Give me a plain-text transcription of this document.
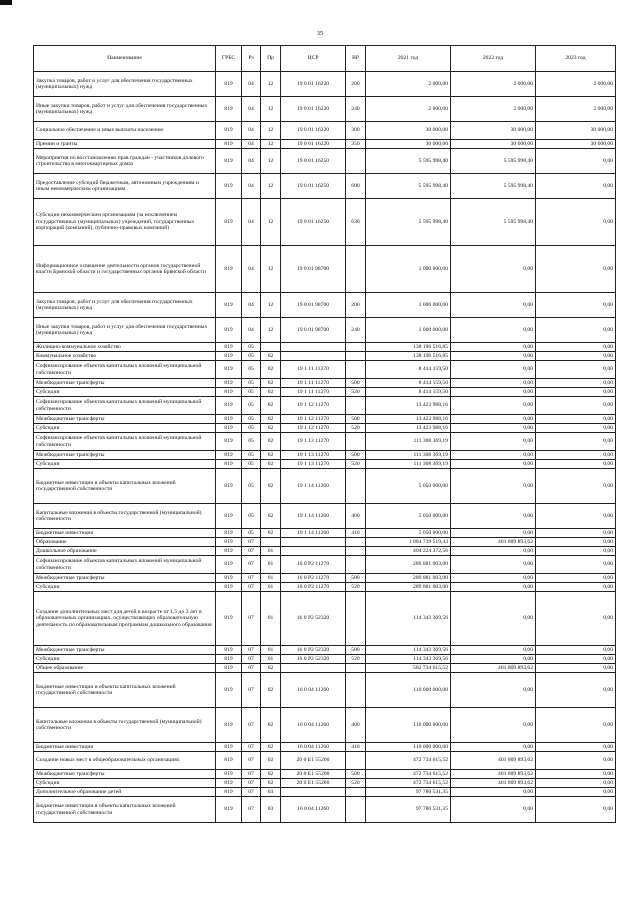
35
Наименование	ГРБС	Рз	Пр	ЦСР	ВР	2021 год	2022 год	2023 год
Закупка товаров, работ и услуг для обеспечения государственных (муниципальных) нужд	819	04	12	19 0 01 16220	200	2 000,00	2 000,00	2 000,00
Иные закупки товаров, работ и услуг для обеспечения государственных (муниципальных) нужд	819	04	12	19 0 01 16220	240	2 000,00	2 000,00	2 000,00
Социальное обеспечение и иные выплаты населению	819	04	12	19 0 01 16220	300	30 000,00	30 000,00	30 000,00
Премии и гранты	819	04	12	19 0 01 16220	350	30 000,00	30 000,00	30 000,00
Мероприятия по восстановлению прав граждан - участников долевого строительства в многоквартирных домах	819	04	12	19 0 01 16250		5 595 998,40	5 595 998,40	0,00
Предоставление субсидий бюджетным, автономным учреждениям и иным некоммерческим организациям	819	04	12	19 0 01 16250	600	5 595 998,40	5 595 998,40	0,00
Субсидии некоммерческим организациям (за исключением государственных (муниципальных) учреждений, государственных корпораций (компаний), публично-правовых компаний)	819	04	12	19 0 01 16250	630	5 595 998,40	5 595 998,40	0,00
Информационное освещение деятельности органов государственной власти Брянской области и государственных органов Брянской области	819	04	12	19 0 01 98700		1 000 000,00	0,00	0,00
Закупка товаров, работ и услуг для обеспечения государственных (муниципальных) нужд	819	04	12	19 0 01 98700	200	1 000 000,00	0,00	0,00
Иные закупки товаров, работ и услуг для обеспечения государственных (муниципальных) нужд	819	04	12	19 0 01 98700	240	1 000 000,00	0,00	0,00
Жилищно-коммунальное хозяйство	819	05				138 196 516,85	0,00	0,00
Коммунальное хозяйство	819	05	02			138 196 516,85	0,00	0,00
Софинансирование объектов капитальных вложений муниципальной собственности	819	05	02	19 1 11 11270		8 414 159,50	0,00	0,00
Межбюджетные трансферты	819	05	02	19 1 11 11270	500	8 414 159,50	0,00	0,00
Субсидии	819	05	02	19 1 11 11270	520	8 414 159,50	0,00	0,00
Софинансирование объектов капитальных вложений муниципальной собственности	819	05	02	19 1 12 11270		13 423 988,16	0,00	0,00
Межбюджетные трансферты	819	05	02	19 1 12 11270	500	13 423 988,16	0,00	0,00
Субсидии	819	05	02	19 1 12 11270	520	13 423 988,16	0,00	0,00
Софинансирование объектов капитальных вложений муниципальной собственности	819	05	02	19 1 13 11270		111 308 369,19	0,00	0,00
Межбюджетные трансферты	819	05	02	19 1 13 11270	500	111 308 369,19	0,00	0,00
Субсидии	819	05	02	19 1 13 11270	520	111 308 369,19	0,00	0,00
Бюджетные инвестиции в объекты капитальных вложений государственной собственности	819	05	02	19 1 14 11260		5 050 000,00	0,00	0,00
Капитальные вложения в объекты государственной (муниципальной) собственности	819	05	02	19 1 14 11260	400	5 050 000,00	0,00	0,00
Бюджетные инвестиции	819	05	02	19 1 14 11260	410	5 050 000,00	0,00	0,00
Образование	819	07				1 084 739 519,43	401 809 893,62	0,00
Дошкольное образование	819	07	01			404 224 372,56	0,00	0,00
Софинансирование объектов капитальных вложений муниципальной собственности	819	07	01	16 0 P2 11270		289 881 003,00	0,00	0,00
Межбюджетные трансферты	819	07	01	16 0 P2 11270	500	289 881 003,00	0,00	0,00
Субсидии	819	07	01	16 0 P2 11270	520	289 881 003,00	0,00	0,00
Создание дополнительных мест для детей в возрасте от 1,5 до 3 лет в образовательных организациях, осуществляющих образовательную деятельность по образовательным программам дошкольного образования	819	07	01	16 0 P2 52320		114 343 369,56	0,00	0,00
Межбюджетные трансферты	819	07	01	16 0 P2 52320	500	114 343 369,56	0,00	0,00
Субсидии	819	07	01	16 0 P2 52320	520	114 343 369,56	0,00	0,00
Общее образование	819	07	02			582 734 615,52	401 809 893,62	0,00
Бюджетные инвестиции в объекты капитальных вложений государственной собственности	819	07	02	16 0 04 11260		110 000 000,00	0,00	0,00
Капитальные вложения в объекты государственной (муниципальной) собственности	819	07	02	16 0 04 11260	400	110 000 000,00	0,00	0,00
Бюджетные инвестиции	819	07	02	16 0 04 11260	410	110 000 000,00	0,00	0,00
Создание новых мест в общеобразовательных организациях	819	07	02	20 0 E1 55200		472 734 615,52	401 809 893,62	0,00
Межбюджетные трансферты	819	07	02	20 0 E1 55200	500	472 734 615,52	401 809 893,62	0,00
Субсидии	819	07	02	20 0 E1 55200	520	472 734 615,52	401 809 893,62	0,00
Дополнительное образование детей	819	07	03			97 780 531,35	0,00	0,00
Бюджетные инвестиции в объекты капитальных вложений государственной собственности	819	07	03	16 0 04 11260		97 780 531,35	0,00	0,00
